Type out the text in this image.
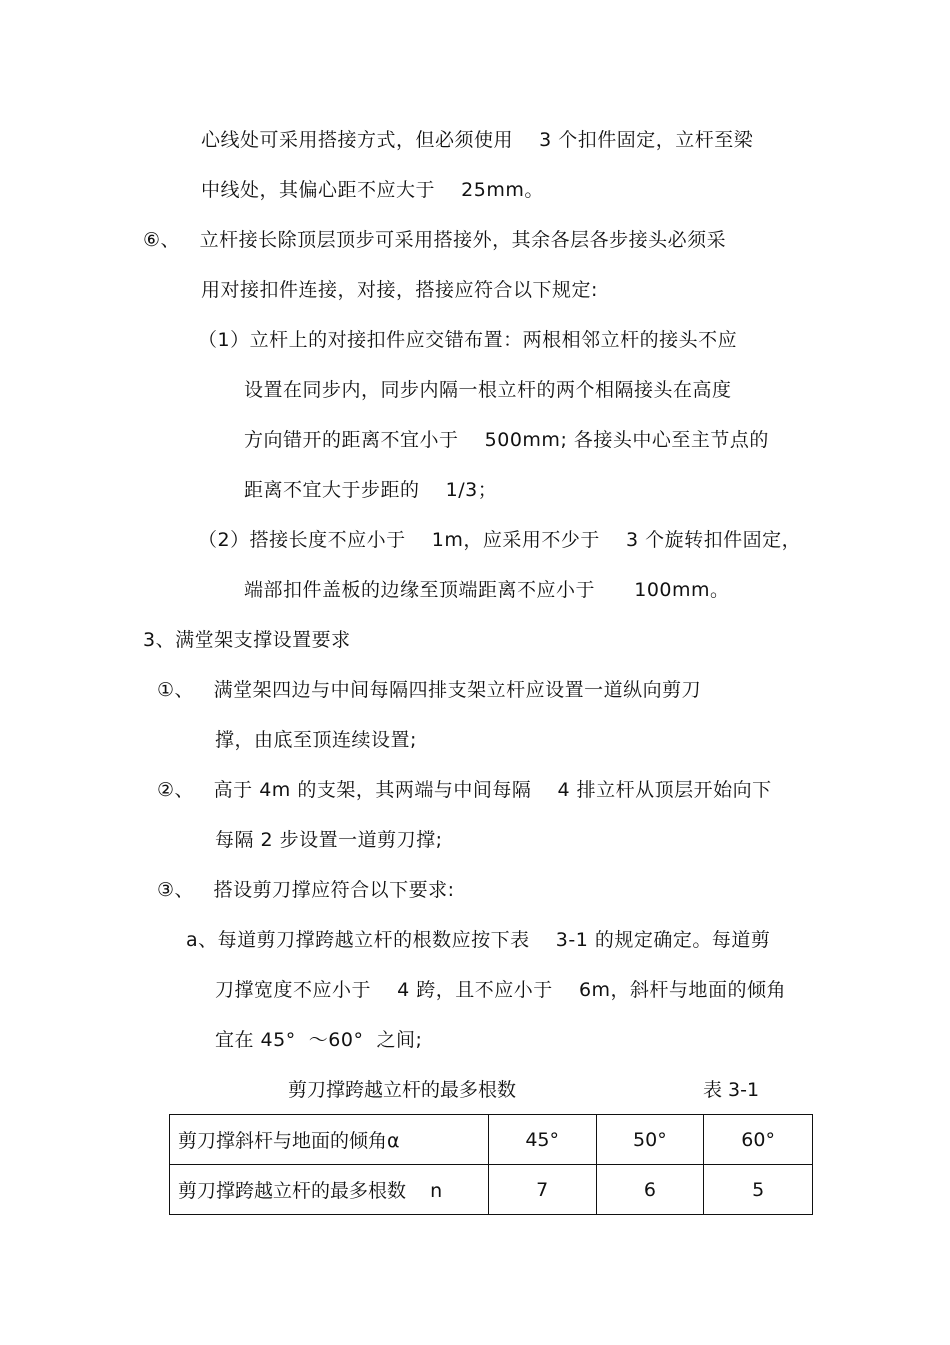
心线处可采用搭接方式，但必须使用    3 个扣件固定，立杆至梁
中线处，其偏心距不应大于    25mm。
⑥、   立杆接长除顶层顶步可采用搭接外，其余各层各步接头必须采
用对接扣件连接，对接，搭接应符合以下规定:
（1）立杆上的对接扣件应交错布置：两根相邻立杆的接头不应
设置在同步内，同步内隔一根立杆的两个相隔接头在高度
方向错开的距离不宜小于    500mm; 各接头中心至主节点的
距离不宜大于步距的    1/3；
（2）搭接长度不应小于    1m，应采用不少于    3 个旋转扣件固定，
端部扣件盖板的边缘至顶端距离不应小于      100mm。
3、满堂架支撑设置要求
①、   满堂架四边与中间每隔四排支架立杆应设置一道纵向剪刀
撑，由底至顶连续设置;
②、   高于 4m 的支架，其两端与中间每隔    4 排立杆从顶层开始向下
每隔 2 步设置一道剪刀撑;
③、   搭设剪刀撑应符合以下要求:
a、每道剪刀撑跨越立杆的根数应按下表    3-1 的规定确定。每道剪
刀撑宽度不应小于    4 跨，且不应小于    6m，斜杆与地面的倾角
宜在 45°  ～60°  之间;
剪刀撑跨越立杆的最多根数	表 3-1
剪刀撑斜杆与地面的倾角α	45°	50°	60°
剪刀撑跨越立杆的最多根数    n	7	6	5
